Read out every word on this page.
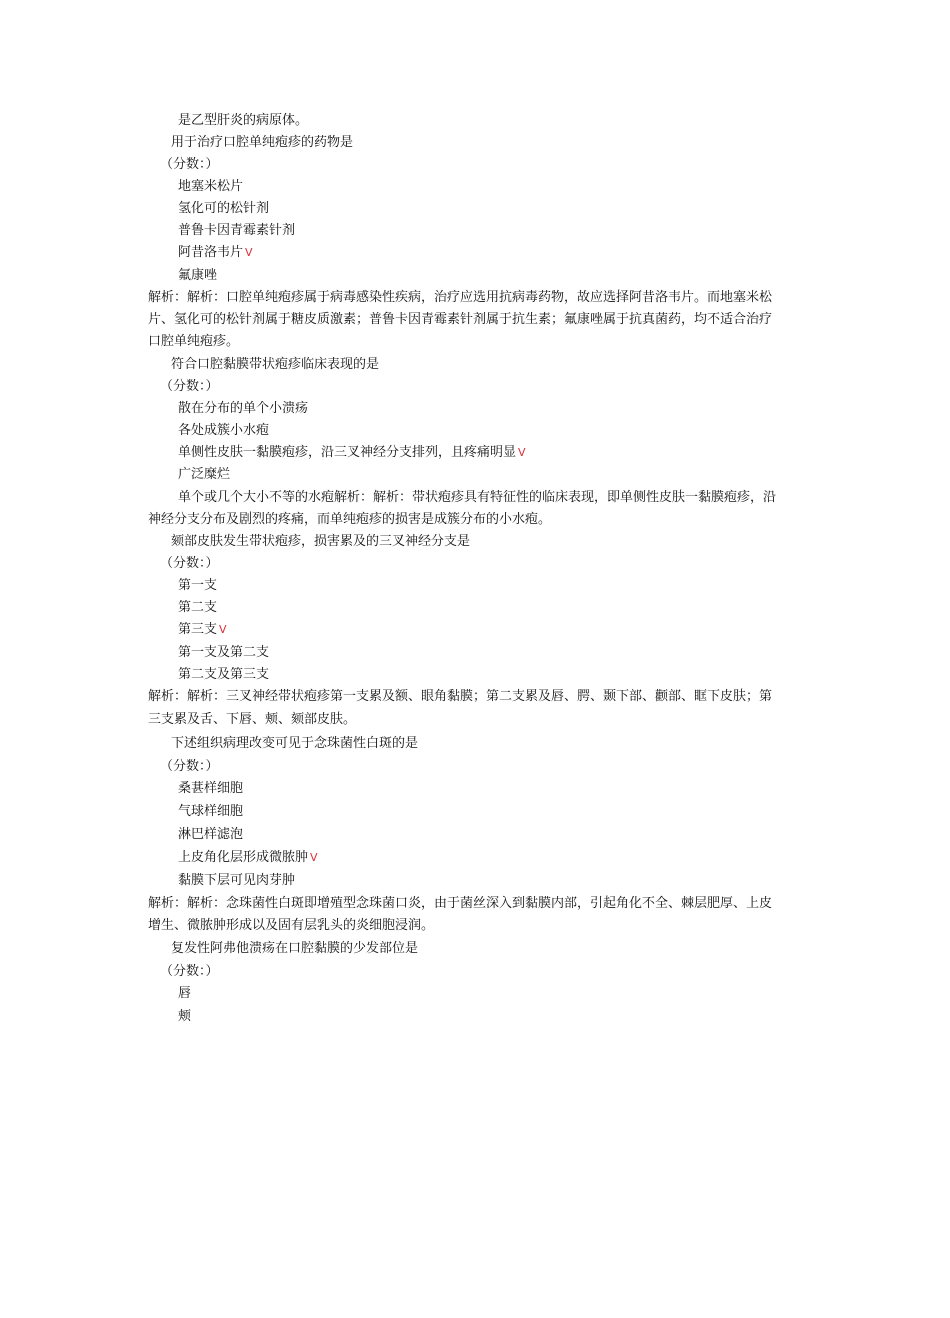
是乙型肝炎的病原体。
用于治疗口腔单纯疱疹的药物是
（分数：）
地塞米松片
氢化可的松针剂
普鲁卡因青霉素针剂
阿昔洛韦片 V
氟康唑
解析：解析：口腔单纯疱疹属于病毒感染性疾病，治疗应选用抗病毒药物，故应选择阿昔洛韦片。而地塞米松
片、氢化可的松针剂属于糖皮质激素；普鲁卡因青霉素针剂属于抗生素；氟康唑属于抗真菌药，均不适合治疗
口腔单纯疱疹。
符合口腔黏膜带状疱疹临床表现的是
（分数：）
散在分布的单个小溃疡
各处成簇小水疱
单侧性皮肤一黏膜疱疹，沿三叉神经分支排列，且疼痛明显 V
广泛糜烂
单个或几个大小不等的水疱解析：解析：带状疱疹具有特征性的临床表现，即单侧性皮肤一黏膜疱疹，沿
神经分支分布及剧烈的疼痛，而单纯疱疹的损害是成簇分布的小水疱。
颏部皮肤发生带状疱疹，损害累及的三叉神经分支是
（分数：）
第一支
第二支
第三支 V
第一支及第二支
第二支及第三支
解析：解析：三叉神经带状疱疹第一支累及额、眼角黏膜；第二支累及唇、腭、颞下部、颧部、眶下皮肤；第
三支累及舌、下唇、颊、颏部皮肤。
下述组织病理改变可见于念珠菌性白斑的是
（分数：）
桑葚样细胞
气球样细胞
淋巴样滤泡
上皮角化层形成微脓肿 V
黏膜下层可见肉芽肿
解析：解析：念珠菌性白斑即增殖型念珠菌口炎，由于菌丝深入到黏膜内部，引起角化不全、棘层肥厚、上皮
增生、微脓肿形成以及固有层乳头的炎细胞浸润。
复发性阿弗他溃疡在口腔黏膜的少发部位是
（分数：）
唇
颊
